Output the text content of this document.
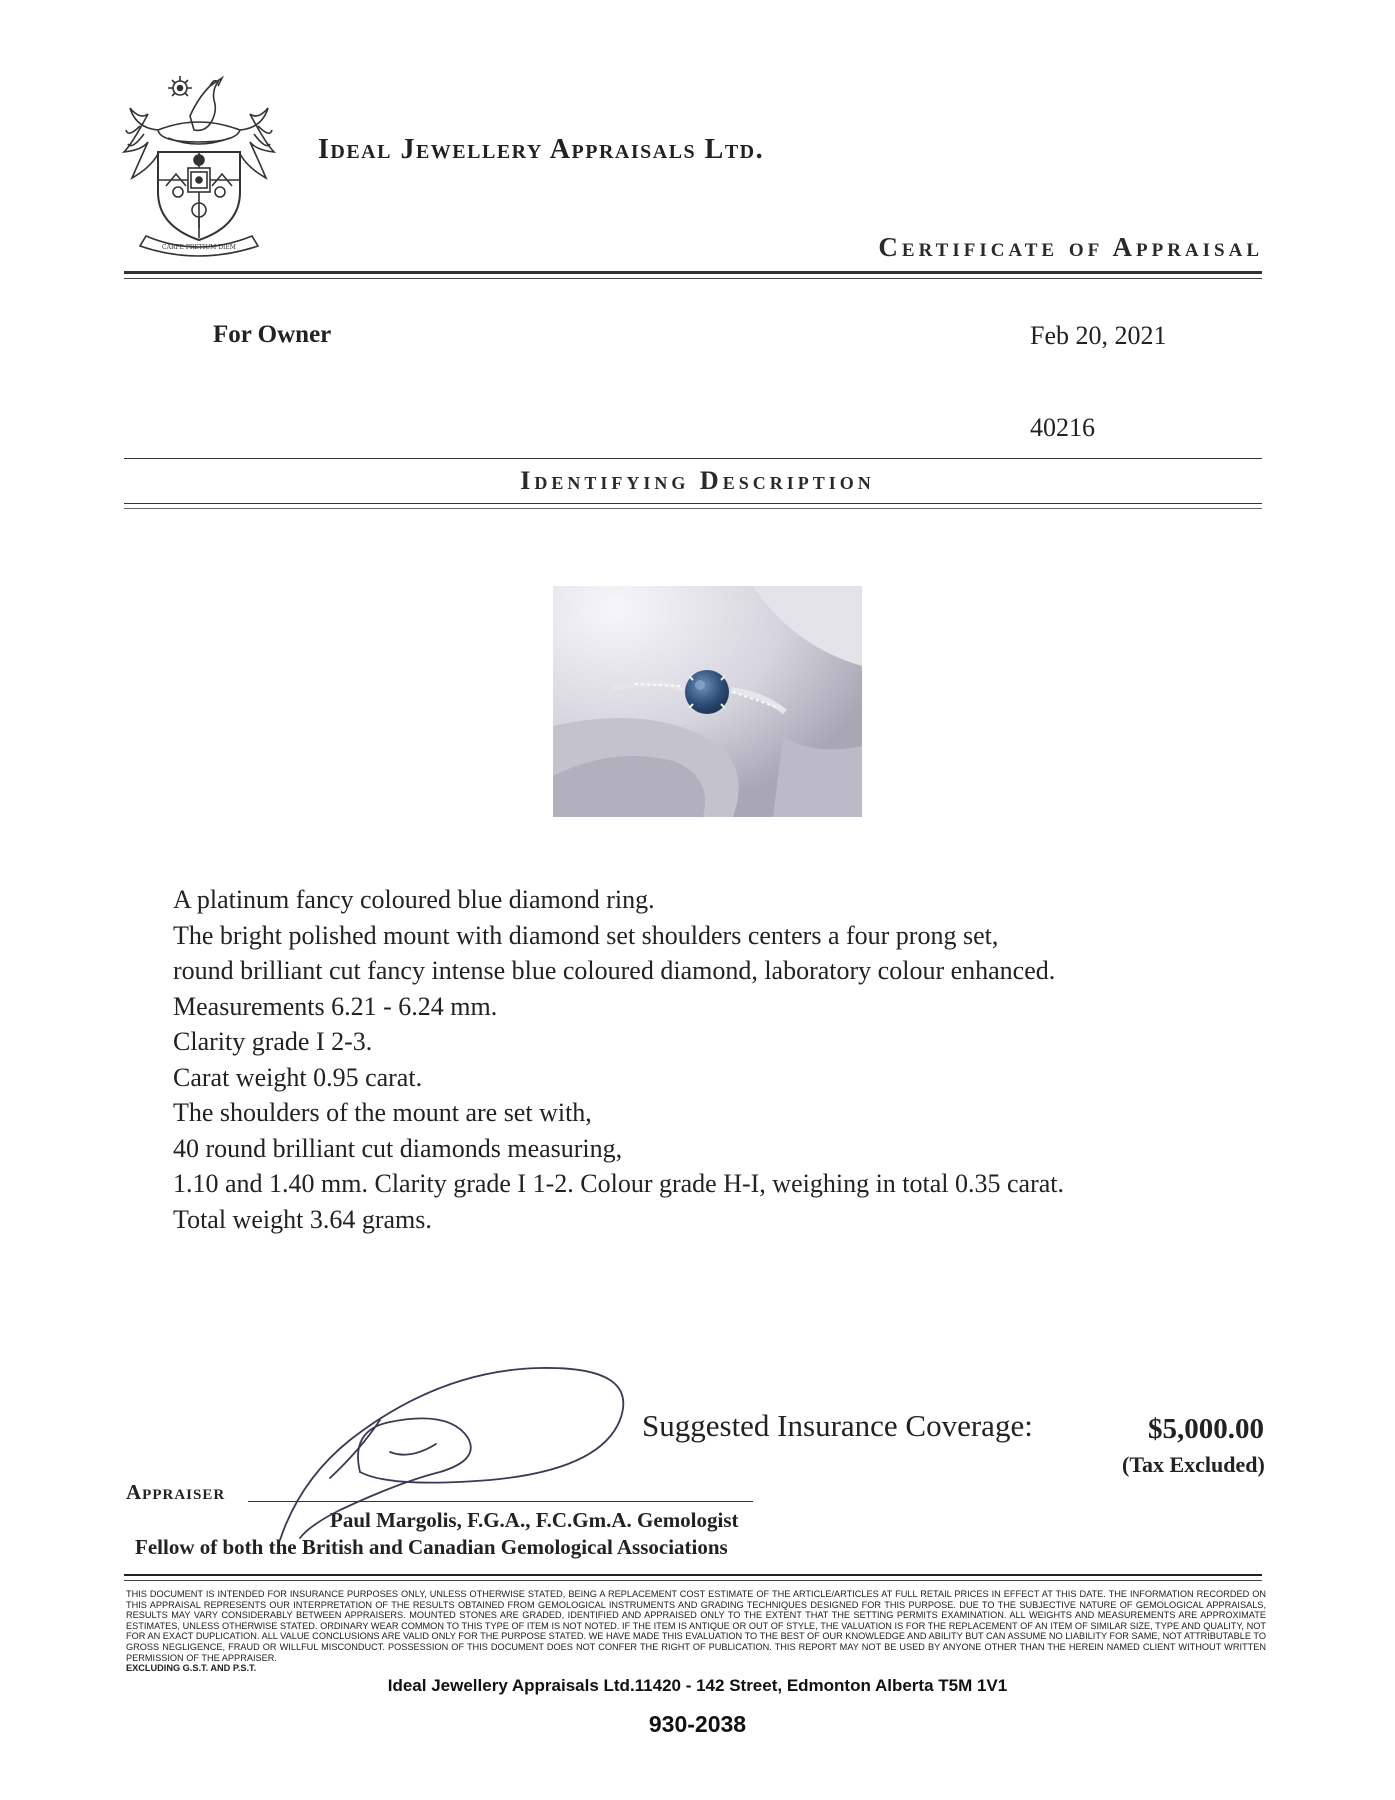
CARPE PRETIUM DIEM
Ideal Jewellery Appraisals Ltd.
Certificate of Appraisal
For Owner	Feb 20, 2021
40216
Identifying Description
A platinum fancy coloured blue diamond ring.
The bright polished mount with diamond set shoulders centers a four prong set,
round brilliant cut fancy intense blue coloured diamond, laboratory colour enhanced.
Measurements 6.21 - 6.24 mm.
Clarity grade I 2-3.
Carat weight 0.95 carat.
The shoulders of the mount are set with,
40 round brilliant cut diamonds measuring,
1.10 and 1.40 mm. Clarity grade I 1-2. Colour grade H-I, weighing in total 0.35 carat.
Total weight 3.64 grams.
Suggested Insurance Coverage:	$5,000.00
(Tax Excluded)
Appraiser
Paul Margolis, F.G.A., F.C.Gm.A. Gemologist
Fellow of both the British and Canadian Gemological Associations
THIS DOCUMENT IS INTENDED FOR INSURANCE PURPOSES ONLY, UNLESS OTHERWISE STATED, BEING A REPLACEMENT COST ESTIMATE OF THE ARTICLE/ARTICLES AT FULL RETAIL PRICES IN EFFECT AT THIS DATE. THE INFORMATION RECORDED ON THIS APPRAISAL REPRESENTS OUR INTERPRETATION OF THE RESULTS OBTAINED FROM GEMOLOGICAL INSTRUMENTS AND GRADING TECHNIQUES DESIGNED FOR THIS PURPOSE. DUE TO THE SUBJECTIVE NATURE OF GEMOLOGICAL APPRAISALS, RESULTS MAY VARY CONSIDERABLY BETWEEN APPRAISERS. MOUNTED STONES ARE GRADED, IDENTIFIED AND APPRAISED ONLY TO THE EXTENT THAT THE SETTING PERMITS EXAMINATION. ALL WEIGHTS AND MEASUREMENTS ARE APPROXIMATE ESTIMATES, UNLESS OTHERWISE STATED. ORDINARY WEAR COMMON TO THIS TYPE OF ITEM IS NOT NOTED. IF THE ITEM IS ANTIQUE OR OUT OF STYLE, THE VALUATION IS FOR THE REPLACEMENT OF AN ITEM OF SIMILAR SIZE, TYPE AND QUALITY, NOT FOR AN EXACT DUPLICATION. ALL VALUE CONCLUSIONS ARE VALID ONLY FOR THE PURPOSE STATED. WE HAVE MADE THIS EVALUATION TO THE BEST OF OUR KNOWLEDGE AND ABILITY BUT CAN ASSUME NO LIABILITY FOR SAME, NOT ATTRIBUTABLE TO GROSS NEGLIGENCE, FRAUD OR WILLFUL MISCONDUCT. POSSESSION OF THIS DOCUMENT DOES NOT CONFER THE RIGHT OF PUBLICATION. THIS REPORT MAY NOT BE USED BY ANYONE OTHER THAN THE HEREIN NAMED CLIENT WITHOUT WRITTEN PERMISSION OF THE APPRAISER.
EXCLUDING G.S.T. AND P.S.T.
Ideal Jewellery Appraisals Ltd.11420 - 142 Street, Edmonton Alberta T5M 1V1
930-2038
